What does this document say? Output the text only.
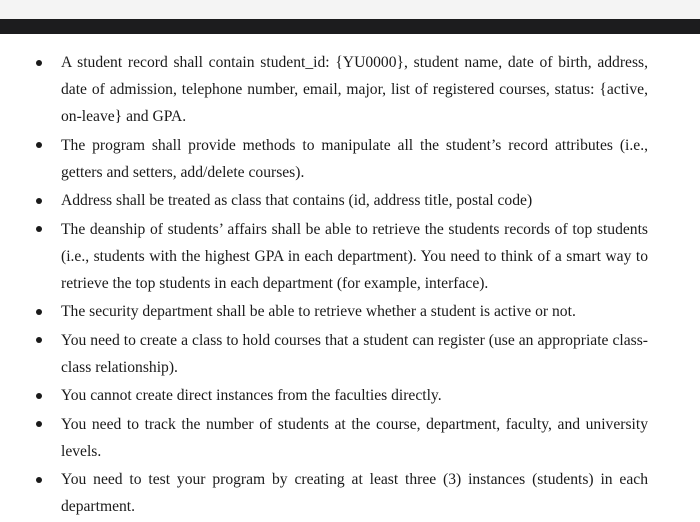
A student record shall contain student_id: {YU0000}, student name, date of birth, address, date of admission, telephone number, email, major, list of registered courses, status: {active, on-leave} and GPA.
The program shall provide methods to manipulate all the student’s record attributes (i.e., getters and setters, add/delete courses).
Address shall be treated as class that contains (id, address title, postal code)
The deanship of students’ affairs shall be able to retrieve the students records of top students (i.e., students with the highest GPA in each department). You need to think of a smart way to retrieve the top students in each department (for example, interface).
The security department shall be able to retrieve whether a student is active or not.
You need to create a class to hold courses that a student can register (use an appropriate class-class relationship).
You cannot create direct instances from the faculties directly.
You need to track the number of students at the course, department, faculty, and university levels.
You need to test your program by creating at least three (3) instances (students) in each department.
